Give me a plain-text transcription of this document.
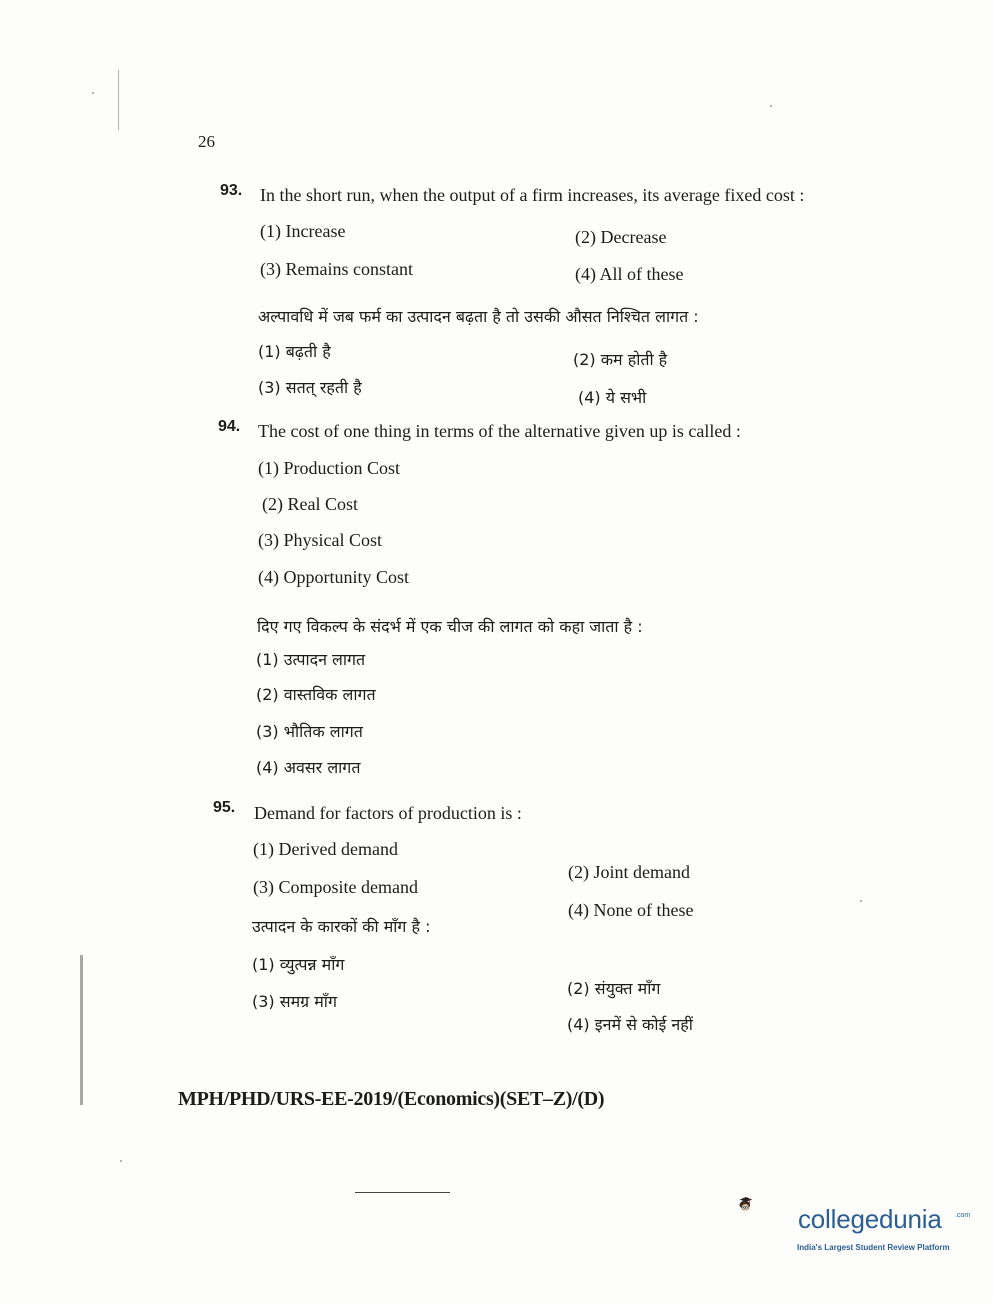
26
93. In the short run, when the output of a firm increases, its average fixed cost :
(1) Increase	(2) Decrease
(3) Remains constant	(4) All of these
अल्पावधि में जब फर्म का उत्पादन बढ़ता है तो उसकी औसत निश्चित लागत :
(1) बढ़ती है	(2) कम होती है
(3) सतत् रहती है
(4) ये सभी
94. The cost of one thing in terms of the alternative given up is called :
(1) Production Cost
(2) Real Cost
(3) Physical Cost
(4) Opportunity Cost
दिए गए विकल्प के संदर्भ में एक चीज की लागत को कहा जाता है :
(1) उत्पादन लागत
(2) वास्तविक लागत
(3) भौतिक लागत
(4) अवसर लागत
95. Demand for factors of production is :
(1) Derived demand
(2) Joint demand
(3) Composite demand
(4) None of these
उत्पादन के कारकों की माँग है :
(1) व्युत्पन्न माँग
(2) संयुक्त माँग
(3) समग्र माँग
(4) इनमें से कोई नहीं
MPH/PHD/URS-EE-2019/(Economics)(SET–Z)/(D)
collegedunia .com
India's Largest Student Review Platform
